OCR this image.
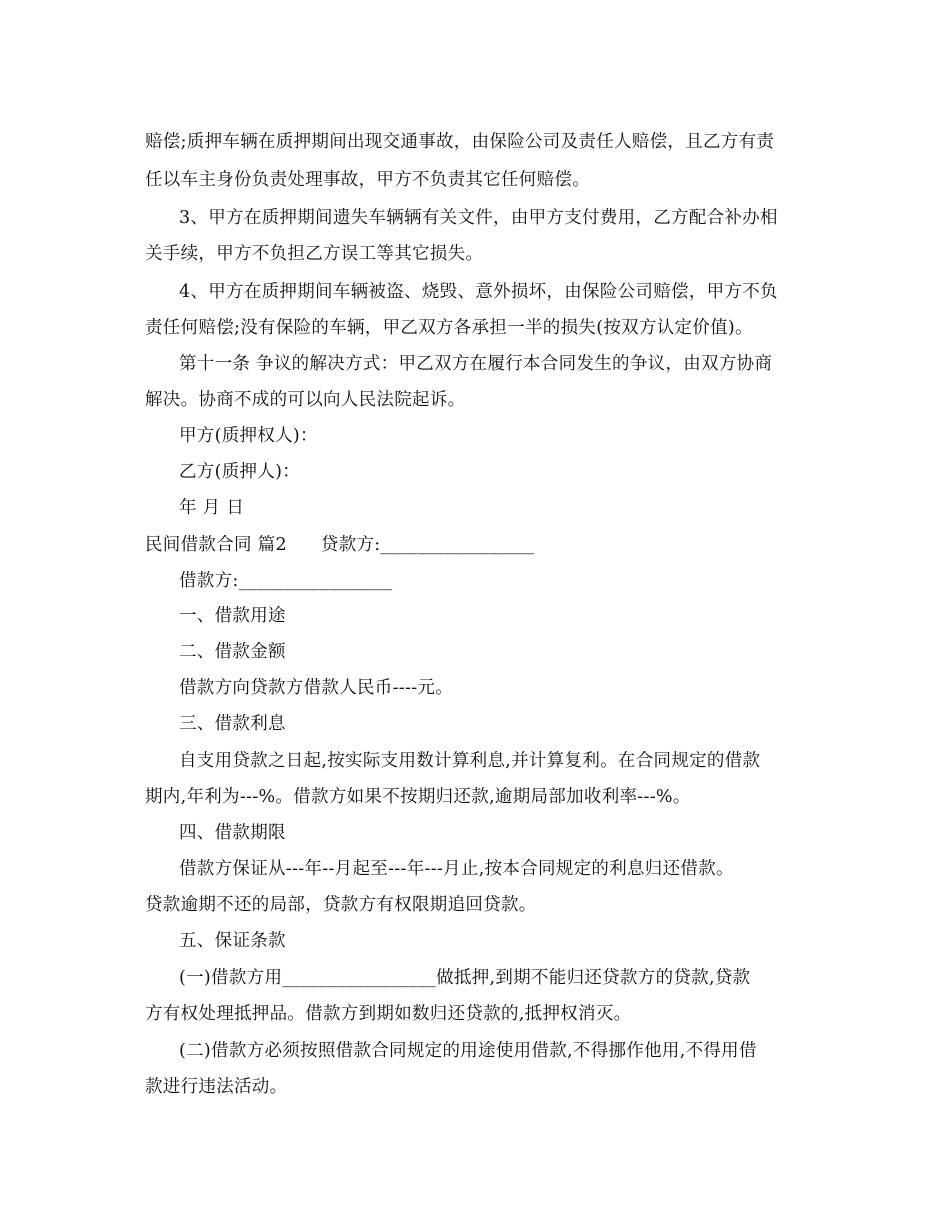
赔偿;质押车辆在质押期间出现交通事故，由保险公司及责任人赔偿，且乙方有责
任以车主身份负责处理事故，甲方不负责其它任何赔偿。
3、甲方在质押期间遗失车辆辆有关文件，由甲方支付费用，乙方配合补办相
关手续，甲方不负担乙方误工等其它损失。
4、甲方在质押期间车辆被盗、烧毁、意外损坏，由保险公司赔偿，甲方不负
责任何赔偿;没有保险的车辆，甲乙双方各承担一半的损失(按双方认定价值)。
第十一条 争议的解决方式：甲乙双方在履行本合同发生的争议，由双方协商
解决。协商不成的可以向人民法院起诉。
甲方(质押权人)：
乙方(质押人)：
年 月 日
民间借款合同 篇2 贷款方:_________________
借款方:_________________
一、借款用途
二、借款金额
借款方向贷款方借款人民币----元。
三、借款利息
自支用贷款之日起,按实际支用数计算利息,并计算复利。在合同规定的借款
期内,年利为---%。借款方如果不按期归还款,逾期局部加收利率---%。
四、借款期限
借款方保证从---年--月起至---年---月止,按本合同规定的利息归还借款。
贷款逾期不还的局部，贷款方有权限期追回贷款。
五、保证条款
(一)借款方用_________________做抵押,到期不能归还贷款方的贷款,贷款
方有权处理抵押品。借款方到期如数归还贷款的,抵押权消灭。
(二)借款方必须按照借款合同规定的用途使用借款,不得挪作他用,不得用借
款进行违法活动。
